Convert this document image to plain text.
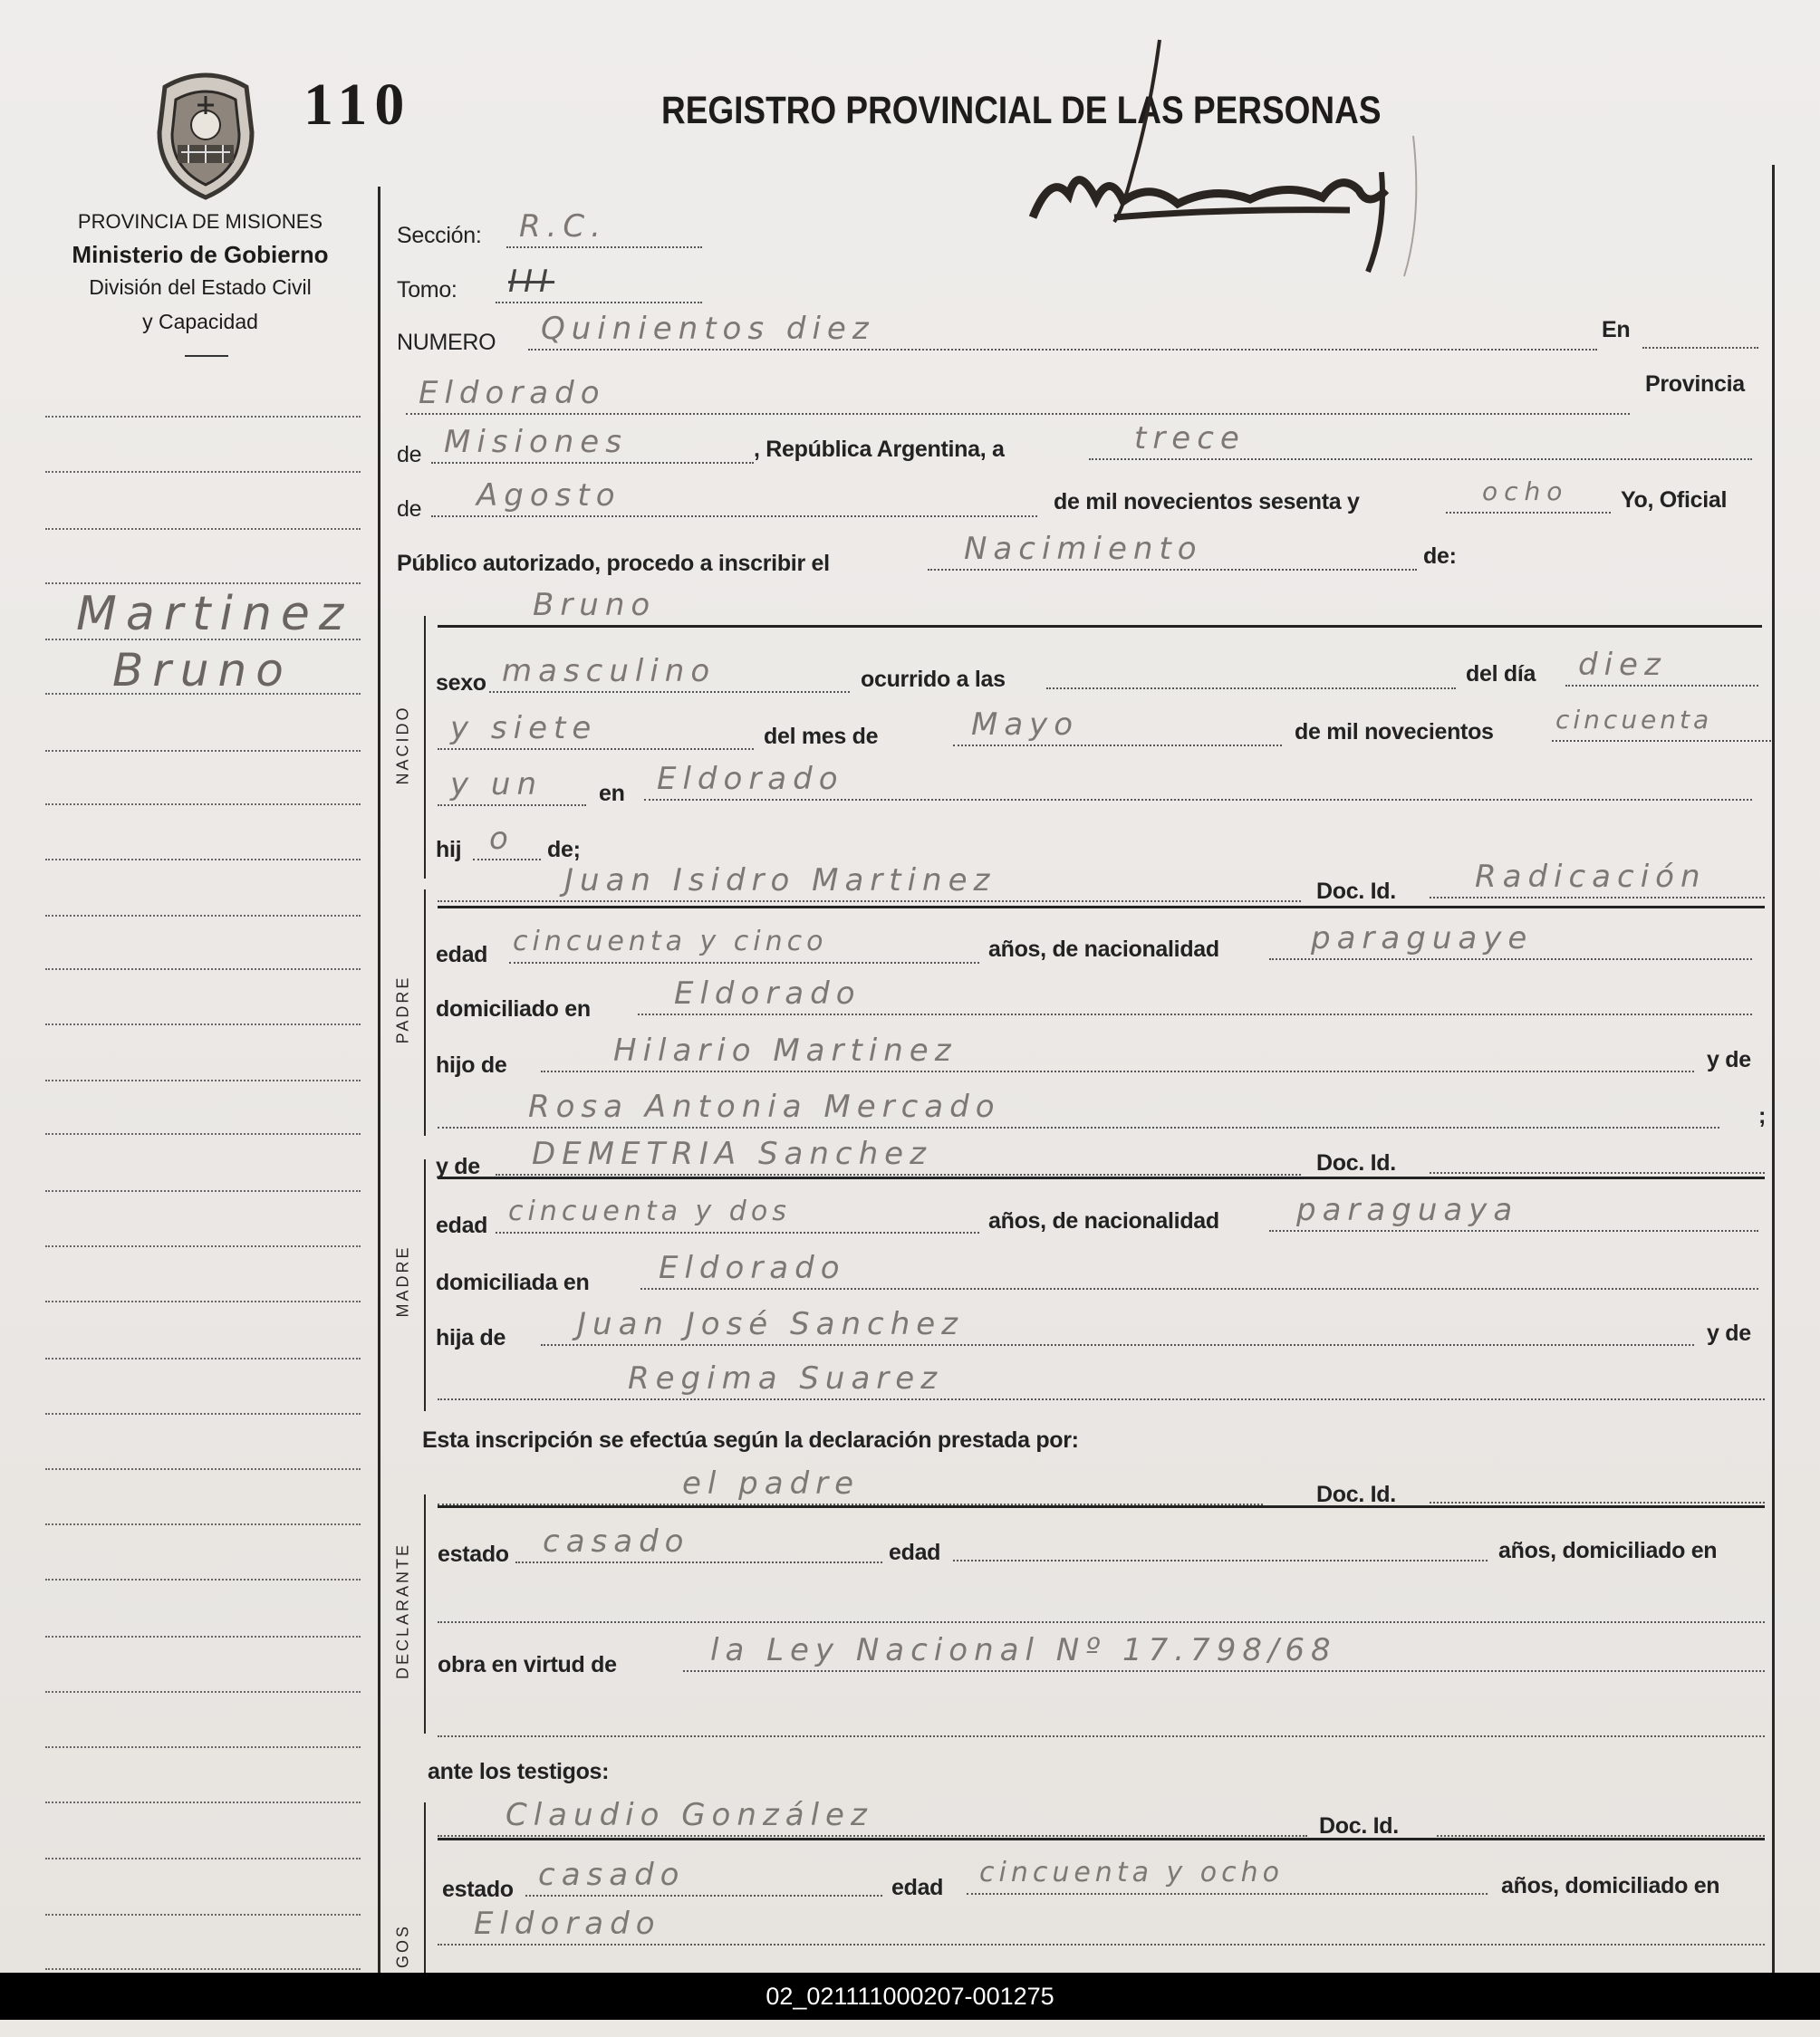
110	REGISTRO PROVINCIAL DE LAS PERSONAS
PROVINCIA DE MISIONES
Ministerio de Gobierno
División del Estado Civil
y Capacidad
Martinez
Bruno
NACIDO
PADRE
MADRE
DECLARANTE
GOS
Sección:	R.C.
Tomo:	III
NUMERO	Quinientos diez	En
Eldorado	Provincia
de Misiones	, República Argentina, a	trece
de	Agosto	de mil novecientos sesenta y	ocho	Yo, Oficial
Público autorizado, procedo a inscribir el	Nacimiento	de:
Bruno
sexo masculino	ocurrido a las	del día	diez
y siete	del mes de	Mayo	de mil novecientos cincuenta
y un	en	Eldorado
hij o	de;
Juan Isidro Martinez	Doc. Id.	Radicación
edad cincuenta y cinco	años, de nacionalidad	paraguaye
domiciliado en	Eldorado
hijo de	Hilario Martinez	y de
Rosa Antonia Mercado	;
y de	DEMETRIA Sanchez	Doc. Id.
edad cincuenta y dos	años, de nacionalidad	paraguaya
domiciliada en	Eldorado
hija de	Juan José Sanchez	y de
Regima Suarez
Esta inscripción se efectúa según la declaración prestada por:
el padre	Doc. Id.
estado	casado	edad	años, domiciliado en
obra en virtud de	la Ley Nacional Nº 17.798/68
ante los testigos:
Claudio González	Doc. Id.
estado casado	edad	cincuenta y ocho	años, domiciliado en
Eldorado
02_021111000207-001275
